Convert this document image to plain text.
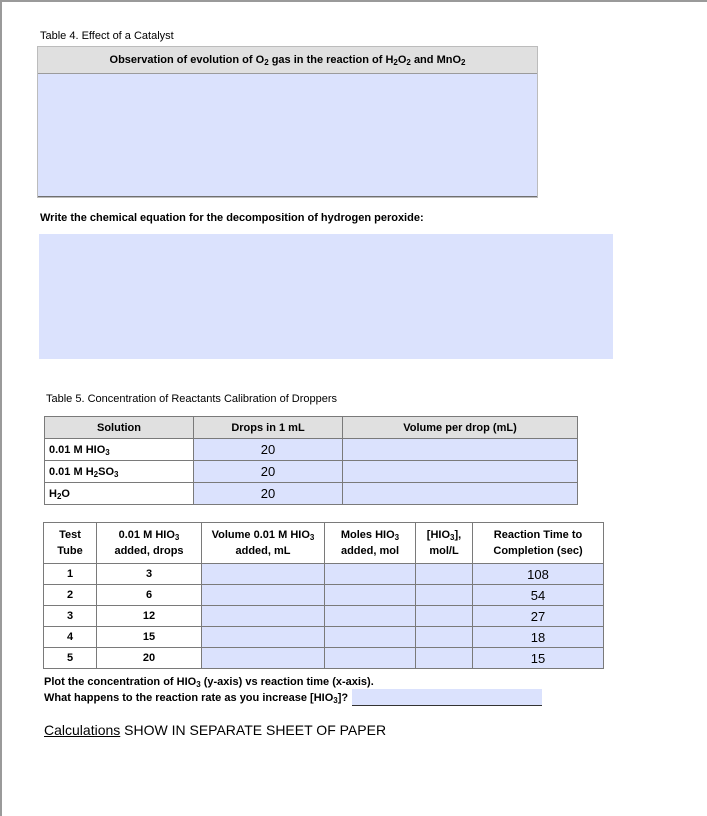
Table 4. Effect of a Catalyst
Observation of evolution of $O_2$ gas in the reaction of $H_2O_2$ and MnO$_2$
Write the chemical equation for the decomposition of hydrogen peroxide:
Table 5. Concentration of Reactants Calibration of Droppers
Solution	Drops in 1 mL	Volume per drop (mL)
0.01 M $HIO_3$	20	
0.01 M $H_2SO_3$	20	
$H_2O$	20	
Test Tube	0.01 M $HIO_3$ added, drops	Volume 0.01 M $HIO_3$ added, mL	Moles $HIO_3$ added, mol	$[HIO_3]$, mol/L	Reaction Time to Completion (sec)
1	3				108
2	6				54
3	12				27
4	15				18
5	20				15
Plot the concentration of $HIO_3$ (y-axis) vs reaction time (x-axis).
What happens to the reaction rate as you increase $[HIO_3]$?
Calculations SHOW IN SEPARATE SHEET OF PAPER
